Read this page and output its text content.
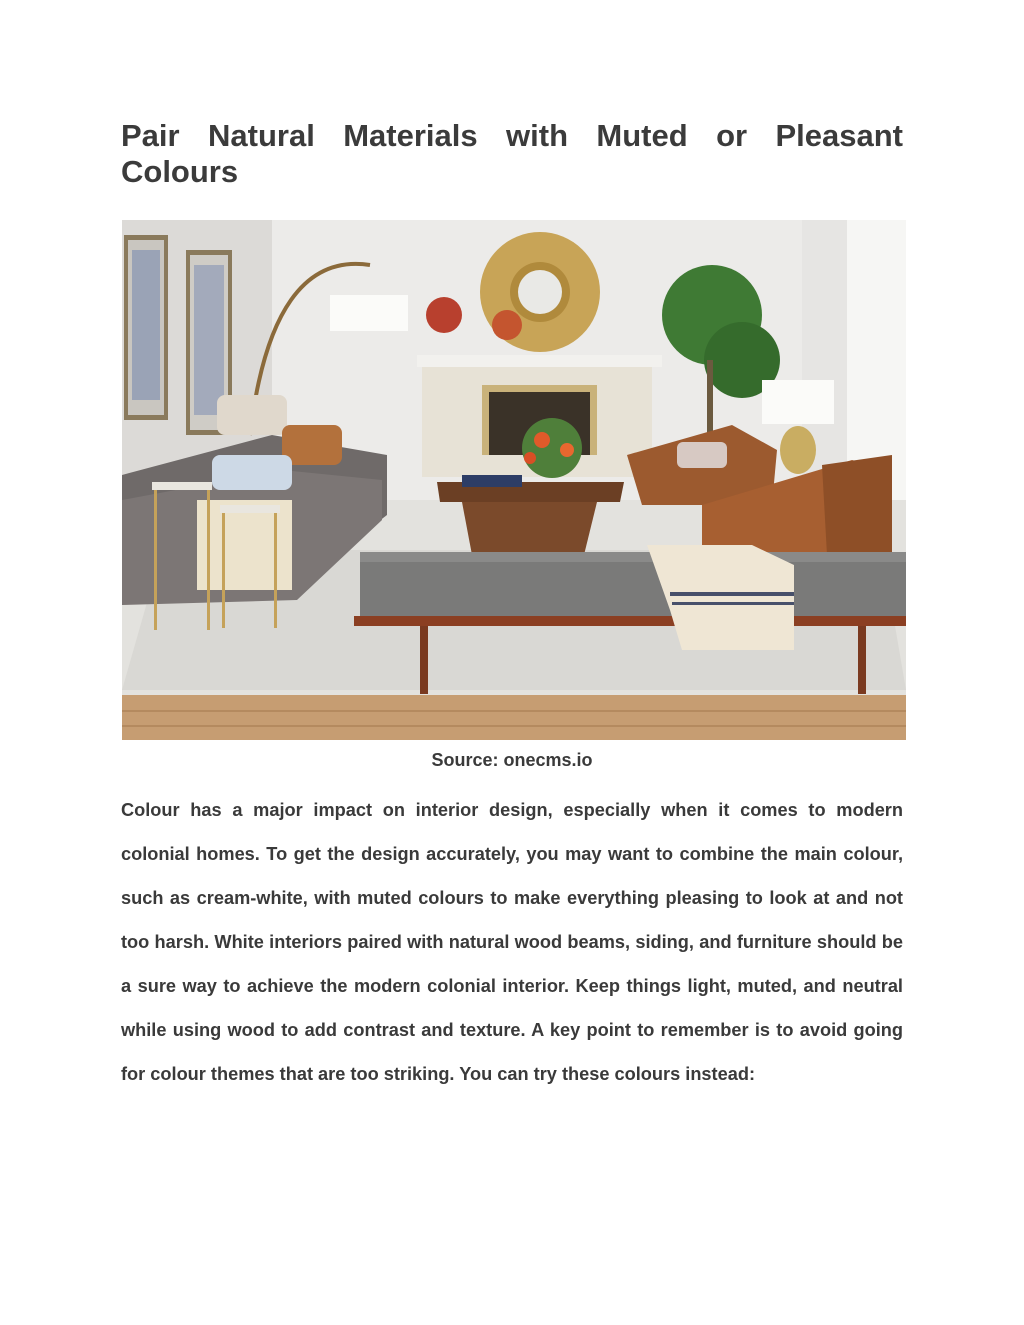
Pair Natural Materials with Muted or Pleasant Colours
Source: onecms.io

Colour has a major impact on interior design, especially when it comes to modern colonial homes. To get the design accurately, you may want to combine the main colour, such as cream-white, with muted colours to make everything pleasing to look at and not too harsh. White interiors paired with natural wood beams, siding, and furniture should be a sure way to achieve the modern colonial interior. Keep things light, muted, and neutral while using wood to add contrast and texture. A key point to remember is to avoid going for colour themes that are too striking. You can try these colours instead:
